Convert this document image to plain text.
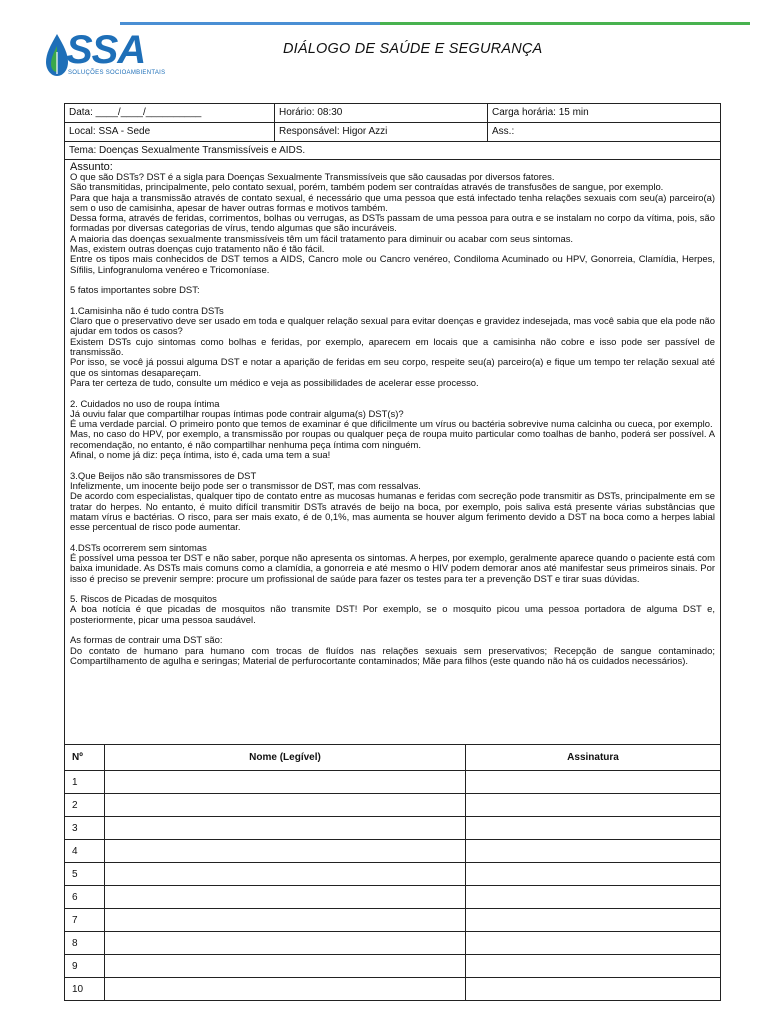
SSA
SOLUÇÕES SOCIOAMBIENTAIS
DIÁLOGO DE SAÚDE E SEGURANÇA
Data: ____/____/__________	Horário: 08:30	Carga horária: 15 min
Local: SSA - Sede	Responsável: Higor Azzi	Ass.:
Tema: Doenças Sexualmente Transmissíveis e AIDS.

Assunto:

O que são DSTs? DST é a sigla para Doenças Sexualmente Transmissíveis que são causadas por diversos fatores.

São transmitidas, principalmente, pelo contato sexual, porém, também podem ser contraídas através de transfusões de sangue, por exemplo.

Para que haja a transmissão através de contato sexual, é necessário que uma pessoa que está infectado tenha relações sexuais com seu(a) parceiro(a) sem o uso de camisinha, apesar de haver outras formas e motivos também.

Dessa forma, através de feridas, corrimentos, bolhas ou verrugas, as DSTs passam de uma pessoa para outra e se instalam no corpo da vítima, pois, são formadas por diversas categorias de vírus, tendo algumas que são incuráveis.

A maioria das doenças sexualmente transmissíveis têm um fácil tratamento para diminuir ou acabar com seus sintomas.

Mas, existem outras doenças cujo tratamento não é tão fácil.

Entre os tipos mais conhecidos de DST temos a AIDS, Cancro mole ou Cancro venéreo, Condiloma Acuminado ou HPV, Gonorreia, Clamídia, Herpes, Sífilis, Linfogranuloma venéreo e Tricomoníase.

5 fatos importantes sobre DST:

1.Camisinha não é tudo contra DSTs

Claro que o preservativo deve ser usado em toda e qualquer relação sexual para evitar doenças e gravidez indesejada, mas você sabia que ela pode não ajudar em todos os casos?

Existem DSTs cujo sintomas como bolhas e feridas, por exemplo, aparecem em locais que a camisinha não cobre e isso pode ser passível de transmissão.

Por isso, se você já possui alguma DST e notar a aparição de feridas em seu corpo, respeite seu(a) parceiro(a) e fique um tempo ter relação sexual até que os sintomas desapareçam.

Para ter certeza de tudo, consulte um médico e veja as possibilidades de acelerar esse processo.

2. Cuidados no uso de roupa íntima

Já ouviu falar que compartilhar roupas íntimas pode contrair alguma(s) DST(s)?

É uma verdade parcial. O primeiro ponto que temos de examinar é que dificilmente um vírus ou bactéria sobrevive numa calcinha ou cueca, por exemplo.

Mas, no caso do HPV, por exemplo, a transmissão por roupas ou qualquer peça de roupa muito particular como toalhas de banho, poderá ser possível. A recomendação, no entanto, é não compartilhar nenhuma peça íntima com ninguém.

Afinal, o nome já diz: peça íntima, isto é, cada uma tem a sua!

3.Que Beijos não são transmissores de DST

Infelizmente, um inocente beijo pode ser o transmissor de DST, mas com ressalvas.

De acordo com especialistas, qualquer tipo de contato entre as mucosas humanas e feridas com secreção pode transmitir as DSTs, principalmente em se tratar do herpes. No entanto, é muito difícil transmitir DSTs através de beijo na boca, por exemplo, pois saliva está presente várias substâncias que matam vírus e bactérias. O risco, para ser mais exato, é de 0,1%, mas aumenta se houver algum ferimento devido a DST na boca como a herpes labial esse percentual de risco pode aumentar.

4.DSTs ocorrerem sem sintomas

É possível uma pessoa ter DST e não saber, porque não apresenta os sintomas. A herpes, por exemplo, geralmente aparece quando o paciente está com baixa imunidade. As DSTs mais comuns como a clamídia, a gonorreia e até mesmo o HIV podem demorar anos até manifestar seus primeiros sinais. Por isso é preciso se prevenir sempre: procure um profissional de saúde para fazer os testes para ter a prevenção DST e tirar suas dúvidas.

5. Riscos de Picadas de mosquitos

A boa notícia é que picadas de mosquitos não transmite DST! Por exemplo, se o mosquito picou uma pessoa portadora de alguma DST e, posteriormente, picar uma pessoa saudável.

As formas de contrair uma DST são:

Do contato de humano para humano com trocas de fluídos nas relações sexuais sem preservativos; Recepção de sangue contaminado; Compartilhamento de agulha e seringas; Material de perfurocortante contaminados; Mãe para filhos (este quando não há os cuidados necessários).

Nº	Nome (Legível)	Assinatura
1		
2		
3		
4		
5		
6		
7		
8		
9		
10		
